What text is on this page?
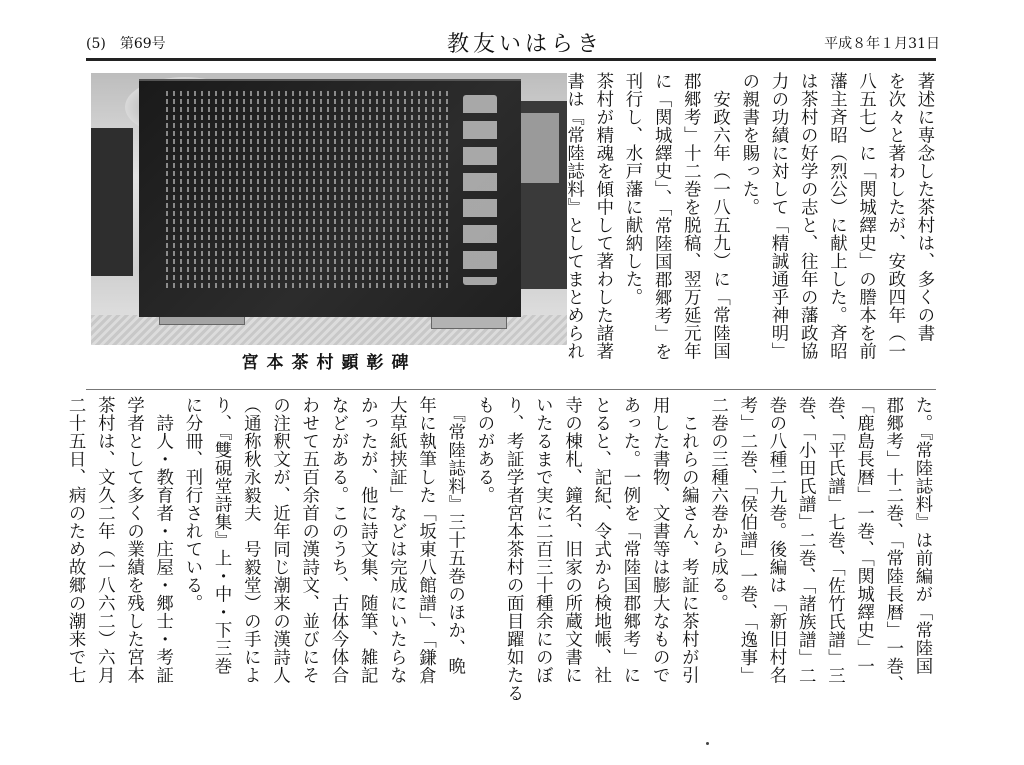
(5)　第69号	教友いはらき	平成８年１月31日
宮本茶村顕彰碑
著述に専念した茶村は、多くの書
を次々と著わしたが、安政四年（一
八五七）に「関城繹史」の謄本を前
藩主斉昭（烈公）に献上した。斉昭
は茶村の好学の志と、往年の藩政協
力の功績に対して「精誠通乎神明」
の親書を賜った。
　安政六年（一八五九）に「常陸国
郡郷考」十二巻を脱稿、翌万延元年
に「関城繹史」、「常陸国郡郷考」を
刊行し、水戸藩に献納した。
茶村が精魂を傾中して著わした諸著
書は『常陸誌料』としてまとめられ
た。『常陸誌料』は前編が「常陸国
郡郷考」十二巻、「常陸長暦」一巻、
「鹿島長暦」一巻、「関城繹史」一
巻、「平氏譜」七巻、「佐竹氏譜」三
巻、「小田氏譜」二巻、「諸族譜」二
巻の八種二九巻。後編は「新旧村名
考」二巻、「侯伯譜」一巻、「逸事」
二巻の三種六巻から成る。
　これらの編さん、考証に茶村が引
用した書物、文書等は膨大なもので
あった。一例を「常陸国郡郷考」に
とると、記紀、令式から検地帳、社
寺の棟札、鐘名、旧家の所蔵文書に
いたるまで実に二百三十種余にのぼ
り、考証学者宮本茶村の面目躍如たる
ものがある。
　『常陸誌料』三十五巻のほか、晩
年に執筆した「坂東八館譜」、「鎌倉
大草紙挟証」などは完成にいたらな
かったが、他に詩文集、随筆、雑記
などがある。このうち、古体今体合
わせて五百余首の漢詩文、並びにそ
の注釈文が、近年同じ潮来の漢詩人
（通称秋永毅夫　号毅堂）の手によ
り、『雙硯堂詩集』上・中・下三巻
に分冊、刊行されている。
　詩人・教育者・庄屋・郷士・考証
学者として多くの業績を残した宮本
茶村は、文久二年（一八六二）六月
二十五日、病のため故郷の潮来で七
